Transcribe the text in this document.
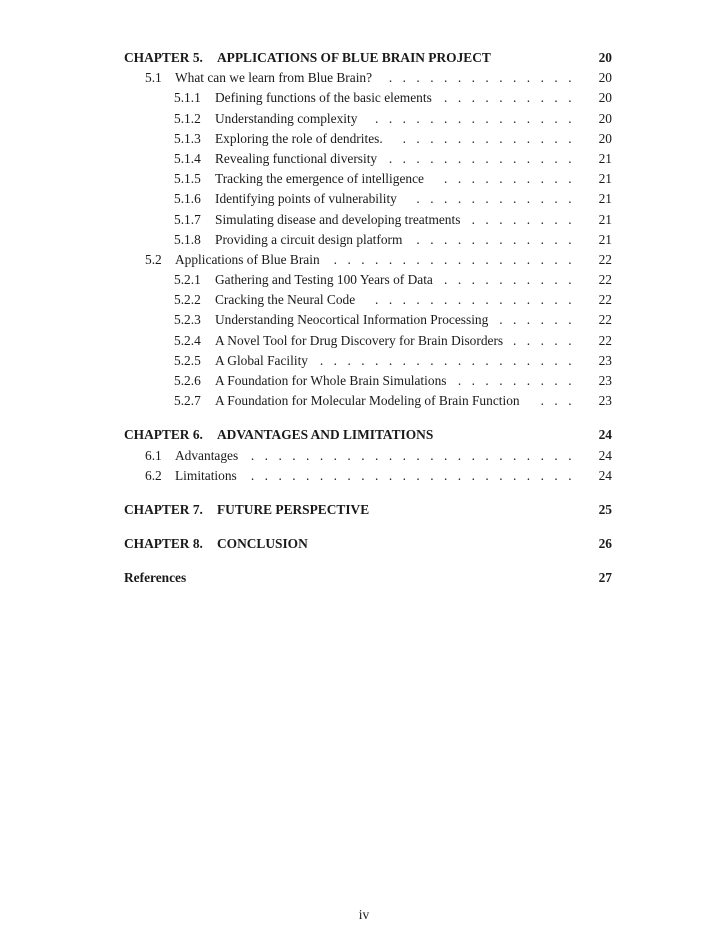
CHAPTER 5. APPLICATIONS OF BLUE BRAIN PROJECT	20
5.1 What can we learn from Blue Brain?	.............. 20
5.1.1 Defining functions of the basic elements .......... 20
5.1.2 Understanding complexity	............... 20
5.1.3 Exploring the role of dendrites.	............. 20
5.1.4 Revealing functional diversity .............. 21
5.1.5 Tracking the emergence of intelligence	.......... 21
5.1.6 Identifying points of vulnerability	............ 21
5.1.7 Simulating disease and developing treatments ........ 21
5.1.8 Providing a circuit design platform	............ 21
5.2 Applications of Blue Brain	.................. 22
5.2.1 Gathering and Testing 100 Years of Data .......... 22
5.2.2 Cracking the Neural Code	............... 22
5.2.3 Understanding Neocortical Information Processing ...... 22
5.2.4 A Novel Tool for Drug Discovery for Brain Disorders ..... 22
5.2.5 A Global Facility ................... 23
5.2.6 A Foundation for Whole Brain Simulations ......... 23
5.2.7 A Foundation for Molecular Modeling of Brain Function	... 23
CHAPTER 6. ADVANTAGES AND LIMITATIONS	24
6.1 Advantages ........................ 24
6.2 Limitations	........................ 24
CHAPTER 7. FUTURE PERSPECTIVE	25
CHAPTER 8. CONCLUSION	26
References	27
iv
